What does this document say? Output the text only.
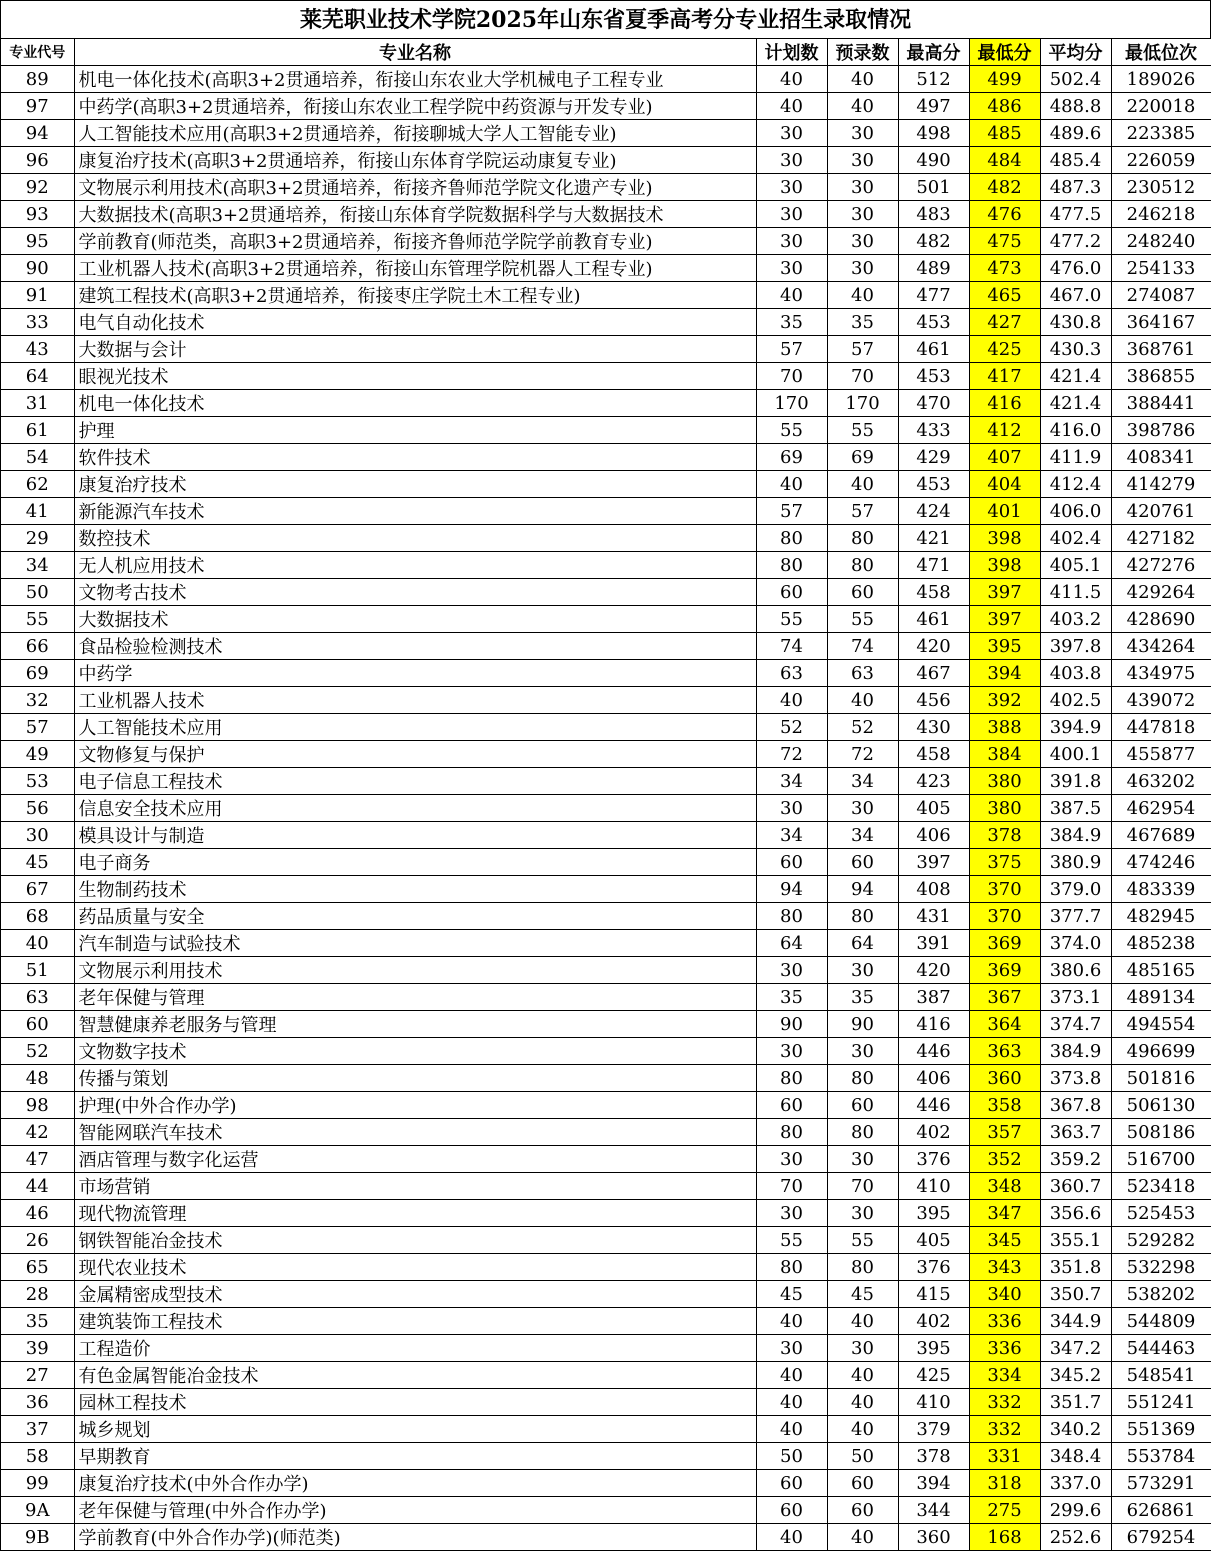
莱芜职业技术学院2025年山东省夏季高考分专业招生录取情况
专业代号	专业名称	计划数	预录数	最高分	最低分	平均分	最低位次
89	机电一体化技术(高职3+2贯通培养，衔接山东农业大学机械电子工程专业	40	40	512	499	502.4	189026
97	中药学(高职3+2贯通培养，衔接山东农业工程学院中药资源与开发专业)	40	40	497	486	488.8	220018
94	人工智能技术应用(高职3+2贯通培养，衔接聊城大学人工智能专业)	30	30	498	485	489.6	223385
96	康复治疗技术(高职3+2贯通培养，衔接山东体育学院运动康复专业)	30	30	490	484	485.4	226059
92	文物展示利用技术(高职3+2贯通培养，衔接齐鲁师范学院文化遗产专业)	30	30	501	482	487.3	230512
93	大数据技术(高职3+2贯通培养，衔接山东体育学院数据科学与大数据技术	30	30	483	476	477.5	246218
95	学前教育(师范类，高职3+2贯通培养，衔接齐鲁师范学院学前教育专业)	30	30	482	475	477.2	248240
90	工业机器人技术(高职3+2贯通培养，衔接山东管理学院机器人工程专业)	30	30	489	473	476.0	254133
91	建筑工程技术(高职3+2贯通培养，衔接枣庄学院土木工程专业)	40	40	477	465	467.0	274087
33	电气自动化技术	35	35	453	427	430.8	364167
43	大数据与会计	57	57	461	425	430.3	368761
64	眼视光技术	70	70	453	417	421.4	386855
31	机电一体化技术	170	170	470	416	421.4	388441
61	护理	55	55	433	412	416.0	398786
54	软件技术	69	69	429	407	411.9	408341
62	康复治疗技术	40	40	453	404	412.4	414279
41	新能源汽车技术	57	57	424	401	406.0	420761
29	数控技术	80	80	421	398	402.4	427182
34	无人机应用技术	80	80	471	398	405.1	427276
50	文物考古技术	60	60	458	397	411.5	429264
55	大数据技术	55	55	461	397	403.2	428690
66	食品检验检测技术	74	74	420	395	397.8	434264
69	中药学	63	63	467	394	403.8	434975
32	工业机器人技术	40	40	456	392	402.5	439072
57	人工智能技术应用	52	52	430	388	394.9	447818
49	文物修复与保护	72	72	458	384	400.1	455877
53	电子信息工程技术	34	34	423	380	391.8	463202
56	信息安全技术应用	30	30	405	380	387.5	462954
30	模具设计与制造	34	34	406	378	384.9	467689
45	电子商务	60	60	397	375	380.9	474246
67	生物制药技术	94	94	408	370	379.0	483339
68	药品质量与安全	80	80	431	370	377.7	482945
40	汽车制造与试验技术	64	64	391	369	374.0	485238
51	文物展示利用技术	30	30	420	369	380.6	485165
63	老年保健与管理	35	35	387	367	373.1	489134
60	智慧健康养老服务与管理	90	90	416	364	374.7	494554
52	文物数字技术	30	30	446	363	384.9	496699
48	传播与策划	80	80	406	360	373.8	501816
98	护理(中外合作办学)	60	60	446	358	367.8	506130
42	智能网联汽车技术	80	80	402	357	363.7	508186
47	酒店管理与数字化运营	30	30	376	352	359.2	516700
44	市场营销	70	70	410	348	360.7	523418
46	现代物流管理	30	30	395	347	356.6	525453
26	钢铁智能冶金技术	55	55	405	345	355.1	529282
65	现代农业技术	80	80	376	343	351.8	532298
28	金属精密成型技术	45	45	415	340	350.7	538202
35	建筑装饰工程技术	40	40	402	336	344.9	544809
39	工程造价	30	30	395	336	347.2	544463
27	有色金属智能冶金技术	40	40	425	334	345.2	548541
36	园林工程技术	40	40	410	332	351.7	551241
37	城乡规划	40	40	379	332	340.2	551369
58	早期教育	50	50	378	331	348.4	553784
99	康复治疗技术(中外合作办学)	60	60	394	318	337.0	573291
9A	老年保健与管理(中外合作办学)	60	60	344	275	299.6	626861
9B	学前教育(中外合作办学)(师范类)	40	40	360	168	252.6	679254
